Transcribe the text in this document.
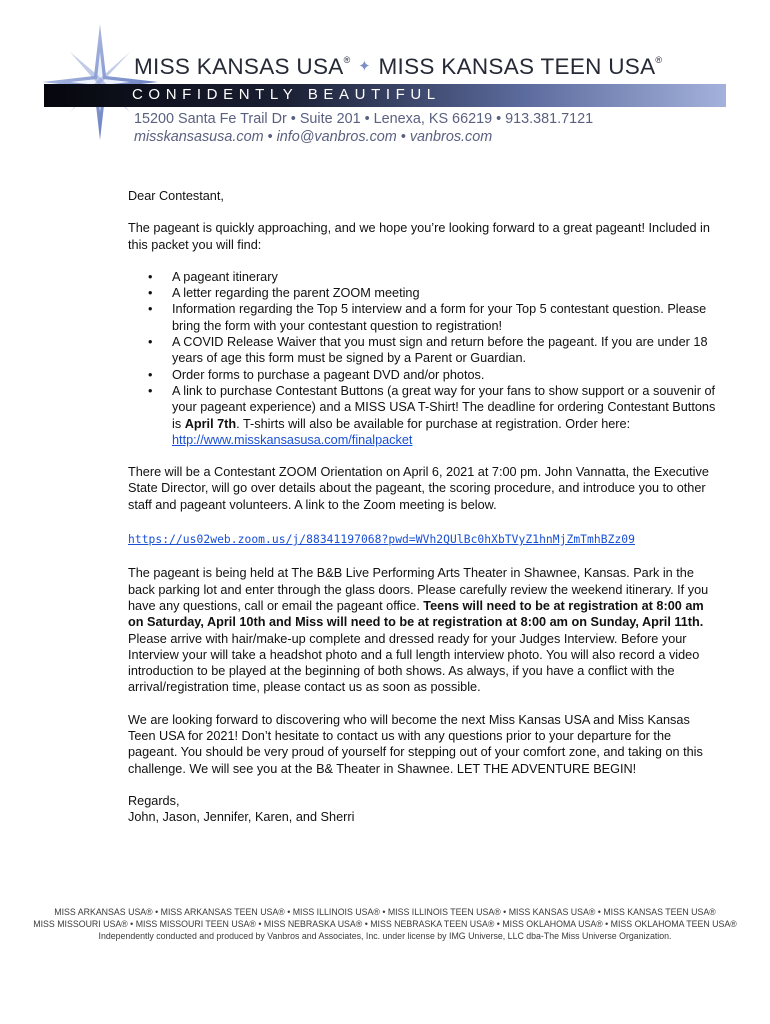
MISS KANSAS USA® ✦ MISS KANSAS TEEN USA®
CONFIDENTLY BEAUTIFUL
15200 Santa Fe Trail Dr • Suite 201 • Lenexa, KS 66219 • 913.381.7121
misskansasusa.com • info@vanbros.com • vanbros.com

Dear Contestant,

The pageant is quickly approaching, and we hope you’re looking forward to a great pageant! Included in this packet you will find:

• A pageant itinerary
• A letter regarding the parent ZOOM meeting
• Information regarding the Top 5 interview and a form for your Top 5 contestant question. Please bring the form with your contestant question to registration!
• A COVID Release Waiver that you must sign and return before the pageant. If you are under 18 years of age this form must be signed by a Parent or Guardian.
• Order forms to purchase a pageant DVD and/or photos.
• A link to purchase Contestant Buttons (a great way for your fans to show support or a souvenir of your pageant experience) and a MISS USA T-Shirt! The deadline for ordering Contestant Buttons is April 7th. T-shirts will also be available for purchase at registration. Order here: http://www.misskansasusa.com/finalpacket

There will be a Contestant ZOOM Orientation on April 6, 2021 at 7:00 pm. John Vannatta, the Executive State Director, will go over details about the pageant, the scoring procedure, and introduce you to other staff and pageant volunteers. A link to the Zoom meeting is below.

https://us02web.zoom.us/j/88341197068?pwd=WVh2QUlBc0hXbTVyZ1hnMjZmTmhBZz09

The pageant is being held at The B&B Live Performing Arts Theater in Shawnee, Kansas. Park in the back parking lot and enter through the glass doors. Please carefully review the weekend itinerary. If you have any questions, call or email the pageant office. Teens will need to be at registration at 8:00 am on Saturday, April 10th and Miss will need to be at registration at 8:00 am on Sunday, April 11th. Please arrive with hair/make-up complete and dressed ready for your Judges Interview. Before your Interview your will take a headshot photo and a full length interview photo. You will also record a video introduction to be played at the beginning of both shows. As always, if you have a conflict with the arrival/registration time, please contact us as soon as possible.

We are looking forward to discovering who will become the next Miss Kansas USA and Miss Kansas Teen USA for 2021! Don’t hesitate to contact us with any questions prior to your departure for the pageant. You should be very proud of yourself for stepping out of your comfort zone, and taking on this challenge. We will see you at the B& Theater in Shawnee. LET THE ADVENTURE BEGIN!

Regards,

John, Jason, Jennifer, Karen, and Sherri

MISS ARKANSAS USA® • MISS ARKANSAS TEEN USA® • MISS ILLINOIS USA® • MISS ILLINOIS TEEN USA® • MISS KANSAS USA® • MISS KANSAS TEEN USA®
MISS MISSOURI USA® • MISS MISSOURI TEEN USA® • MISS NEBRASKA USA® • MISS NEBRASKA TEEN USA® • MISS OKLAHOMA USA® • MISS OKLAHOMA TEEN USA®
Independently conducted and produced by Vanbros and Associates, Inc. under license by IMG Universe, LLC dba-The Miss Universe Organization.
